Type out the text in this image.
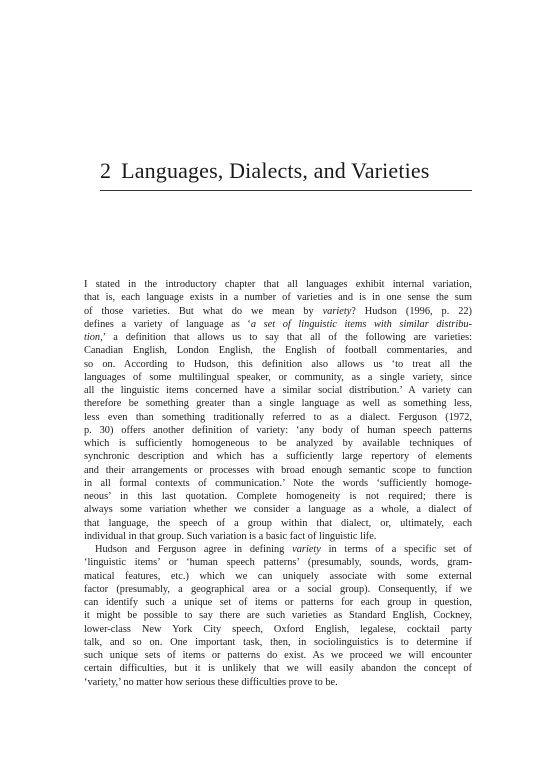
2 Languages, Dialects, and Varieties

I stated in the introductory chapter that all languages exhibit internal variation,
that is, each language exists in a number of varieties and is in one sense the sum
of those varieties. But what do we mean by variety? Hudson (1996, p. 22)
defines a variety of language as ‘a set of linguistic items with similar distribu-
tion,’ a definition that allows us to say that all of the following are varieties:
Canadian English, London English, the English of football commentaries, and
so on. According to Hudson, this definition also allows us ‘to treat all the
languages of some multilingual speaker, or community, as a single variety, since
all the linguistic items concerned have a similar social distribution.’ A variety can
therefore be something greater than a single language as well as something less,
less even than something traditionally referred to as a dialect. Ferguson (1972,
p. 30) offers another definition of variety: ‘any body of human speech patterns
which is sufficiently homogeneous to be analyzed by available techniques of
synchronic description and which has a sufficiently large repertory of elements
and their arrangements or processes with broad enough semantic scope to function
in all formal contexts of communication.’ Note the words ‘sufficiently homoge-
neous’ in this last quotation. Complete homogeneity is not required; there is
always some variation whether we consider a language as a whole, a dialect of
that language, the speech of a group within that dialect, or, ultimately, each
individual in that group. Such variation is a basic fact of linguistic life.

Hudson and Ferguson agree in defining variety in terms of a specific set of
‘linguistic items’ or ‘human speech patterns’ (presumably, sounds, words, gram-
matical features, etc.) which we can uniquely associate with some external
factor (presumably, a geographical area or a social group). Consequently, if we
can identify such a unique set of items or patterns for each group in question,
it might be possible to say there are such varieties as Standard English, Cockney,
lower-class New York City speech, Oxford English, legalese, cocktail party
talk, and so on. One important task, then, in sociolinguistics is to determine if
such unique sets of items or patterns do exist. As we proceed we will encounter
certain difficulties, but it is unlikely that we will easily abandon the concept of
‘variety,’ no matter how serious these difficulties prove to be.
